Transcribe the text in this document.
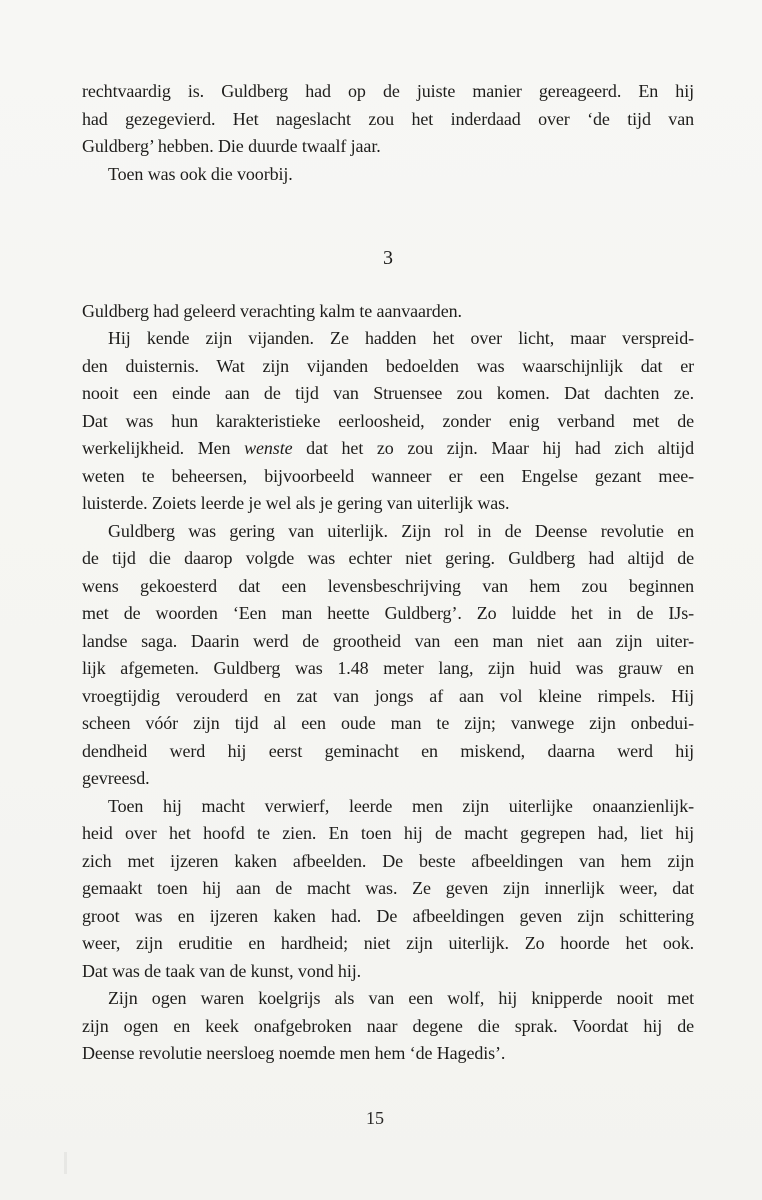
rechtvaardig is. Guldberg had op de juiste manier gereageerd. En hij
had gezegevierd. Het nageslacht zou het inderdaad over ‘de tijd van
Guldberg’ hebben. Die duurde twaalf jaar.
Toen was ook die voorbij.
3
Guldberg had geleerd verachting kalm te aanvaarden.
Hij kende zijn vijanden. Ze hadden het over licht, maar verspreid-
den duisternis. Wat zijn vijanden bedoelden was waarschijnlijk dat er
nooit een einde aan de tijd van Struensee zou komen. Dat dachten ze.
Dat was hun karakteristieke eerloosheid, zonder enig verband met de
werkelijkheid. Men wenste dat het zo zou zijn. Maar hij had zich altijd
weten te beheersen, bijvoorbeeld wanneer er een Engelse gezant mee-
luisterde. Zoiets leerde je wel als je gering van uiterlijk was.
Guldberg was gering van uiterlijk. Zijn rol in de Deense revolutie en
de tijd die daarop volgde was echter niet gering. Guldberg had altijd de
wens gekoesterd dat een levensbeschrijving van hem zou beginnen
met de woorden ‘Een man heette Guldberg’. Zo luidde het in de IJs-
landse saga. Daarin werd de grootheid van een man niet aan zijn uiter-
lijk afgemeten. Guldberg was 1.48 meter lang, zijn huid was grauw en
vroegtijdig verouderd en zat van jongs af aan vol kleine rimpels. Hij
scheen vóór zijn tijd al een oude man te zijn; vanwege zijn onbedui-
dendheid werd hij eerst geminacht en miskend, daarna werd hij
gevreesd.
Toen hij macht verwierf, leerde men zijn uiterlijke onaanzienlijk-
heid over het hoofd te zien. En toen hij de macht gegrepen had, liet hij
zich met ijzeren kaken afbeelden. De beste afbeeldingen van hem zijn
gemaakt toen hij aan de macht was. Ze geven zijn innerlijk weer, dat
groot was en ijzeren kaken had. De afbeeldingen geven zijn schittering
weer, zijn eruditie en hardheid; niet zijn uiterlijk. Zo hoorde het ook.
Dat was de taak van de kunst, vond hij.
Zijn ogen waren koelgrijs als van een wolf, hij knipperde nooit met
zijn ogen en keek onafgebroken naar degene die sprak. Voordat hij de
Deense revolutie neersloeg noemde men hem ‘de Hagedis’.
15
